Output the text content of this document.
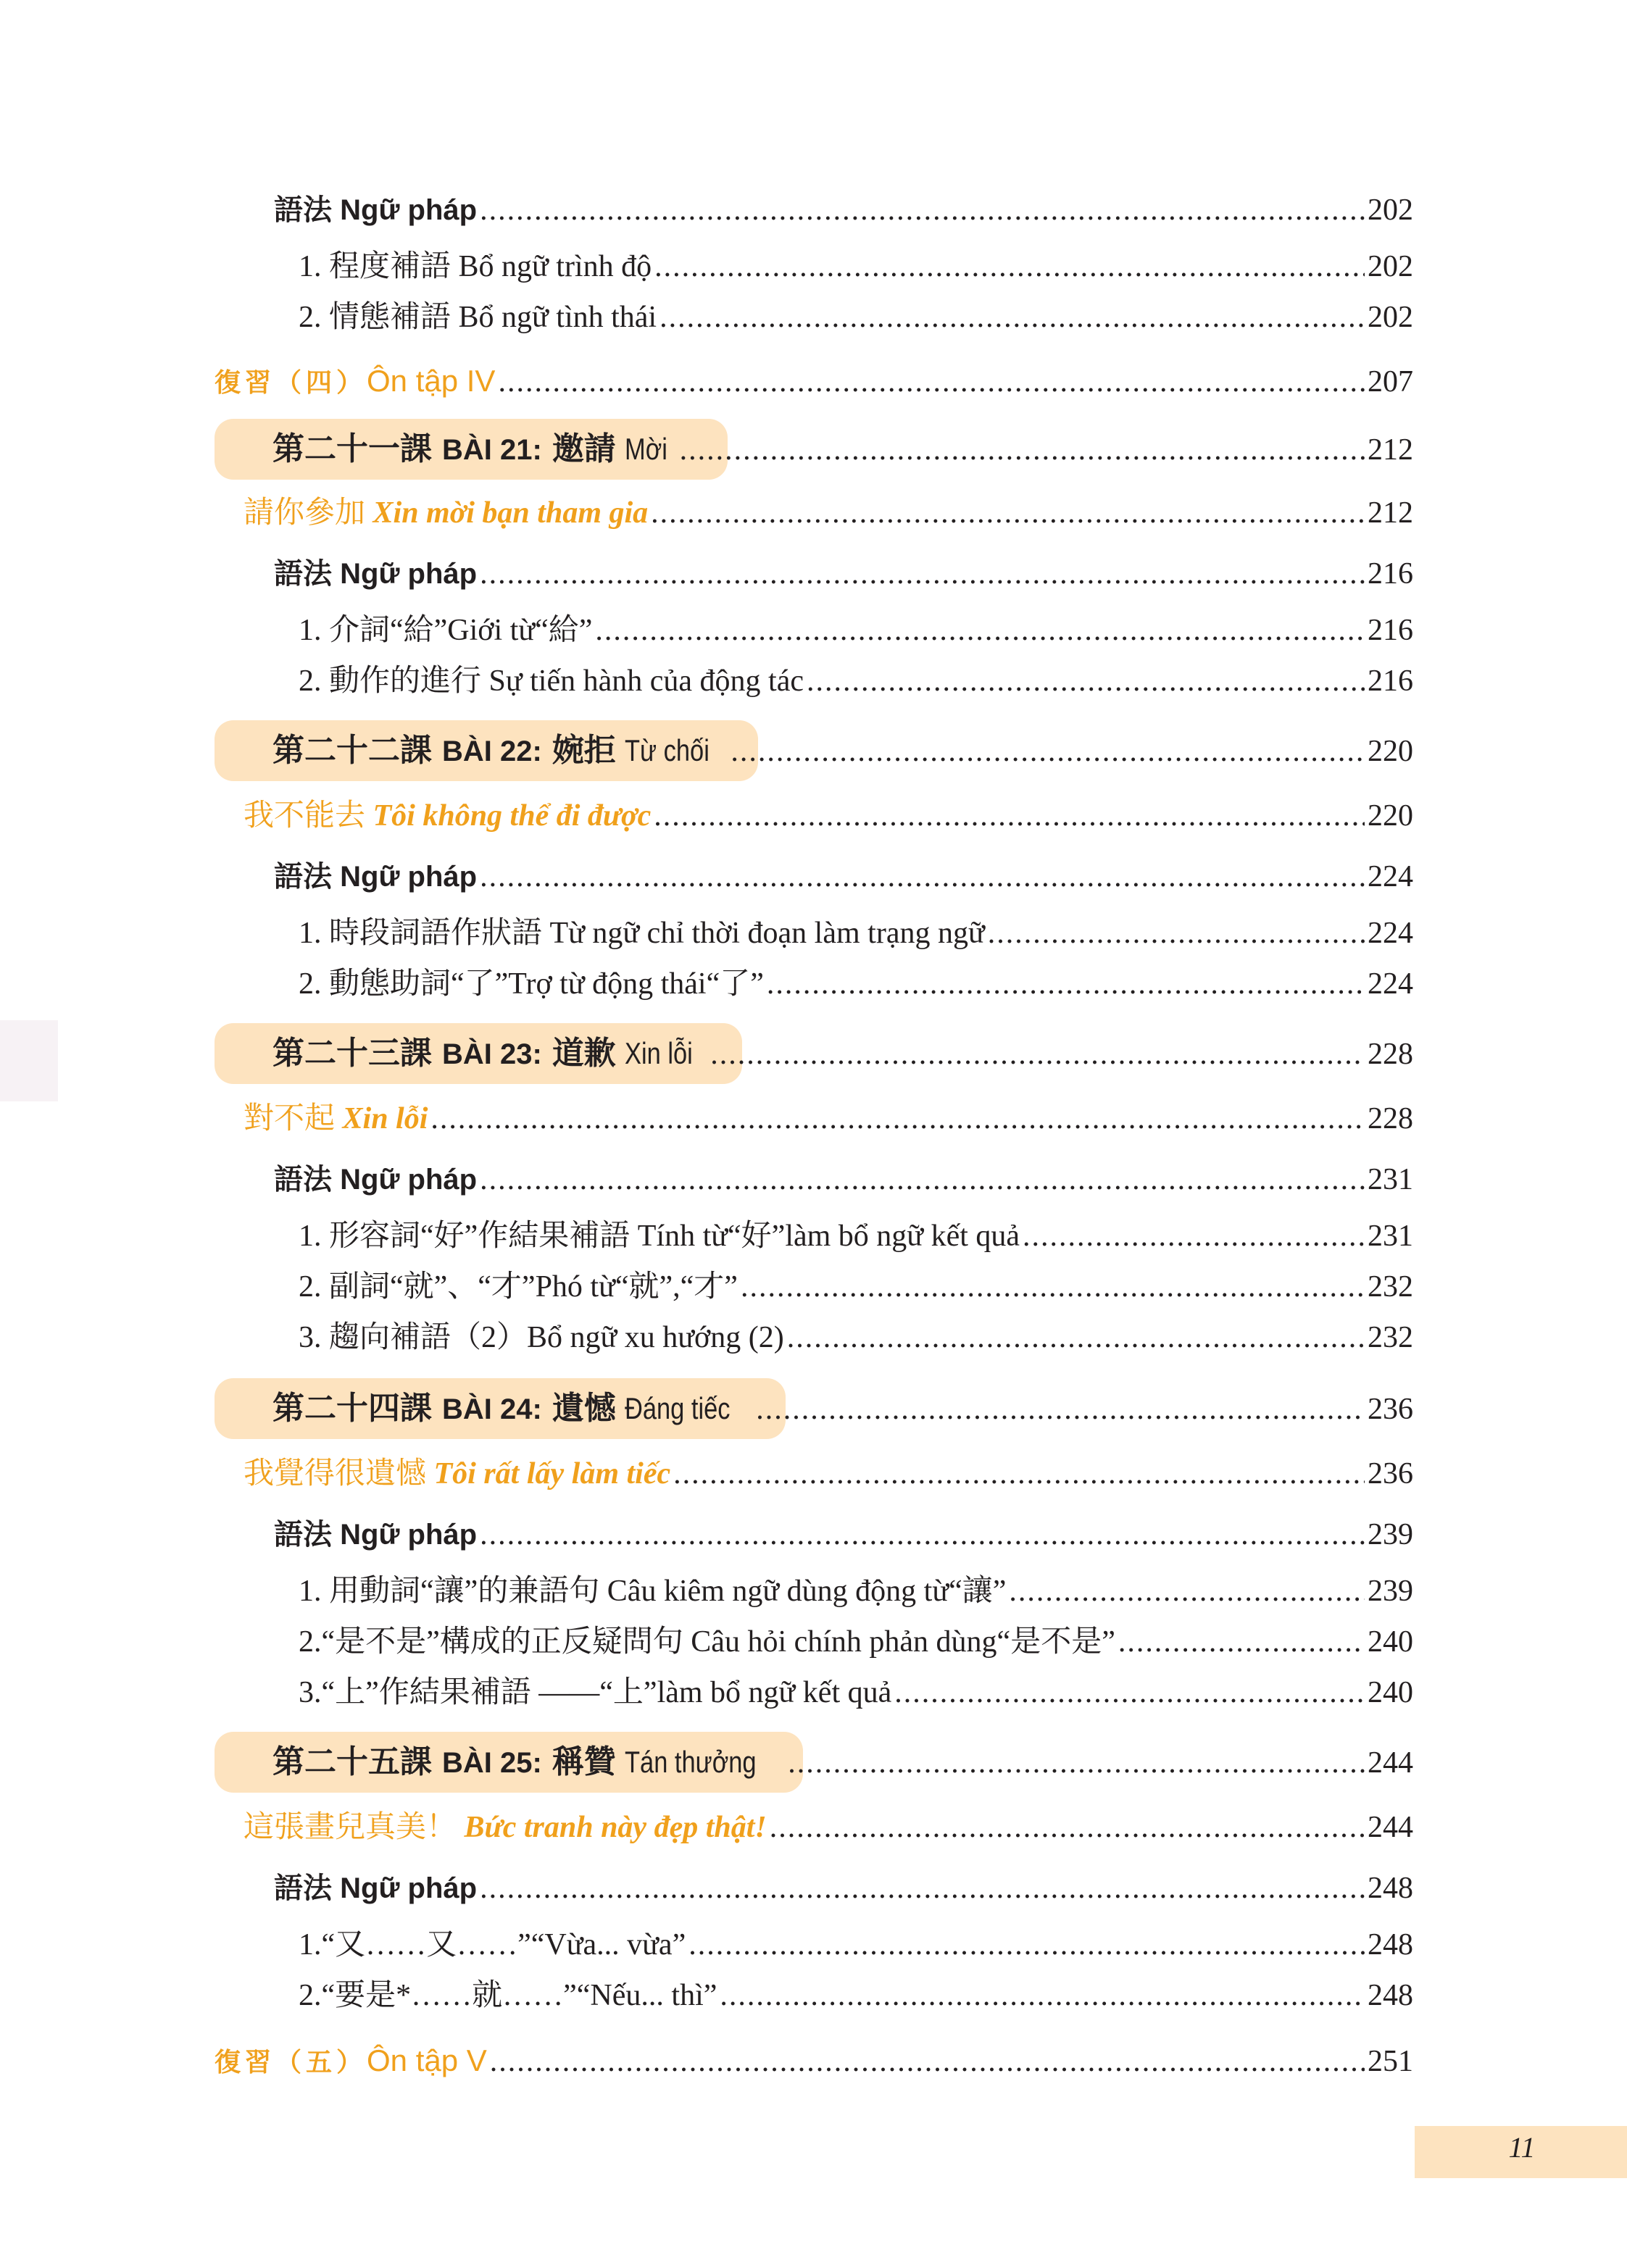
語法 Ngữ pháp .....	202
1. 程度補語 Bổ ngữ trình độ .....	202
2. 情態補語 Bổ ngữ tình thái .....	202
復習（四）Ôn tập IV .....	207
第二十一課 BÀI 21: 邀請 Mời .....	212
請你參加 Xin mời bạn tham gia .....	212
語法 Ngữ pháp .....	216
1. 介詞“給”Giới từ“給” .....	216
2. 動作的進行 Sự tiến hành của động tác .....	216
第二十二課 BÀI 22: 婉拒 Từ chối .....	220
我不能去 Tôi không thể đi được .....	220
語法 Ngữ pháp .....	224
1. 時段詞語作狀語 Từ ngữ chỉ thời đoạn làm trạng ngữ .....	224
2. 動態助詞“了”Trợ từ động thái“了” .....	224
第二十三課 BÀI 23: 道歉 Xin lỗi .....	228
對不起 Xin lỗi .....	228
語法 Ngữ pháp .....	231
1. 形容詞“好”作結果補語 Tính từ“好”làm bổ ngữ kết quả .....	231
2. 副詞“就”、“才”Phó từ“就”,“才” .....	232
3. 趨向補語（2）Bổ ngữ xu hướng (2) .....	232
第二十四課 BÀI 24: 遺憾 Đáng tiếc .....	236
我覺得很遺憾 Tôi rất lấy làm tiếc .....	236
語法 Ngữ pháp .....	239
1. 用動詞“讓”的兼語句 Câu kiêm ngữ dùng động từ“讓” .....	239
2.“是不是”構成的正反疑問句 Câu hỏi chính phản dùng“是不是” .....	240
3.“上”作結果補語 ——“上”làm bổ ngữ kết quả .....	240
第二十五課 BÀI 25: 稱贊 Tán thưởng .....	244
這張畫兒真美！ Bức tranh này đẹp thật! .....	244
語法 Ngữ pháp .....	248
1.“又……又……”“Vừa... vừa” .....	248
2.“要是*……就……”“Nếu... thì” .....	248
復習（五）Ôn tập V .....	251
11
